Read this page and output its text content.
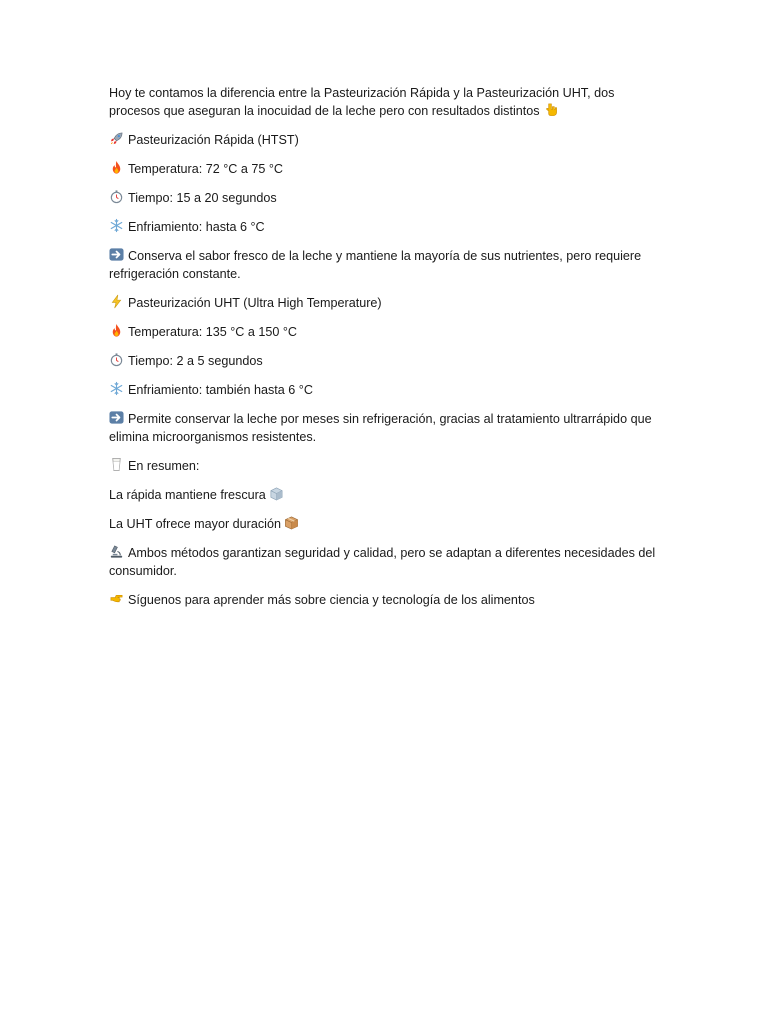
Hoy te contamos la diferencia entre la Pasteurización Rápida y la Pasteurización UHT, dos procesos que aseguran la inocuidad de la leche pero con resultados distintos

Pasteurización Rápida (HTST)

Temperatura: 72 °C a 75 °C

Tiempo: 15 a 20 segundos

Enfriamiento: hasta 6 °C

Conserva el sabor fresco de la leche y mantiene la mayoría de sus nutrientes, pero requiere refrigeración constante.

Pasteurización UHT (Ultra High Temperature)

Temperatura: 135 °C a 150 °C

Tiempo: 2 a 5 segundos

Enfriamiento: también hasta 6 °C

Permite conservar la leche por meses sin refrigeración, gracias al tratamiento ultrarrápido que elimina microorganismos resistentes.

En resumen:

La rápida mantiene frescura

La UHT ofrece mayor duración

Ambos métodos garantizan seguridad y calidad, pero se adaptan a diferentes necesidades del consumidor.

Síguenos para aprender más sobre ciencia y tecnología de los alimentos
